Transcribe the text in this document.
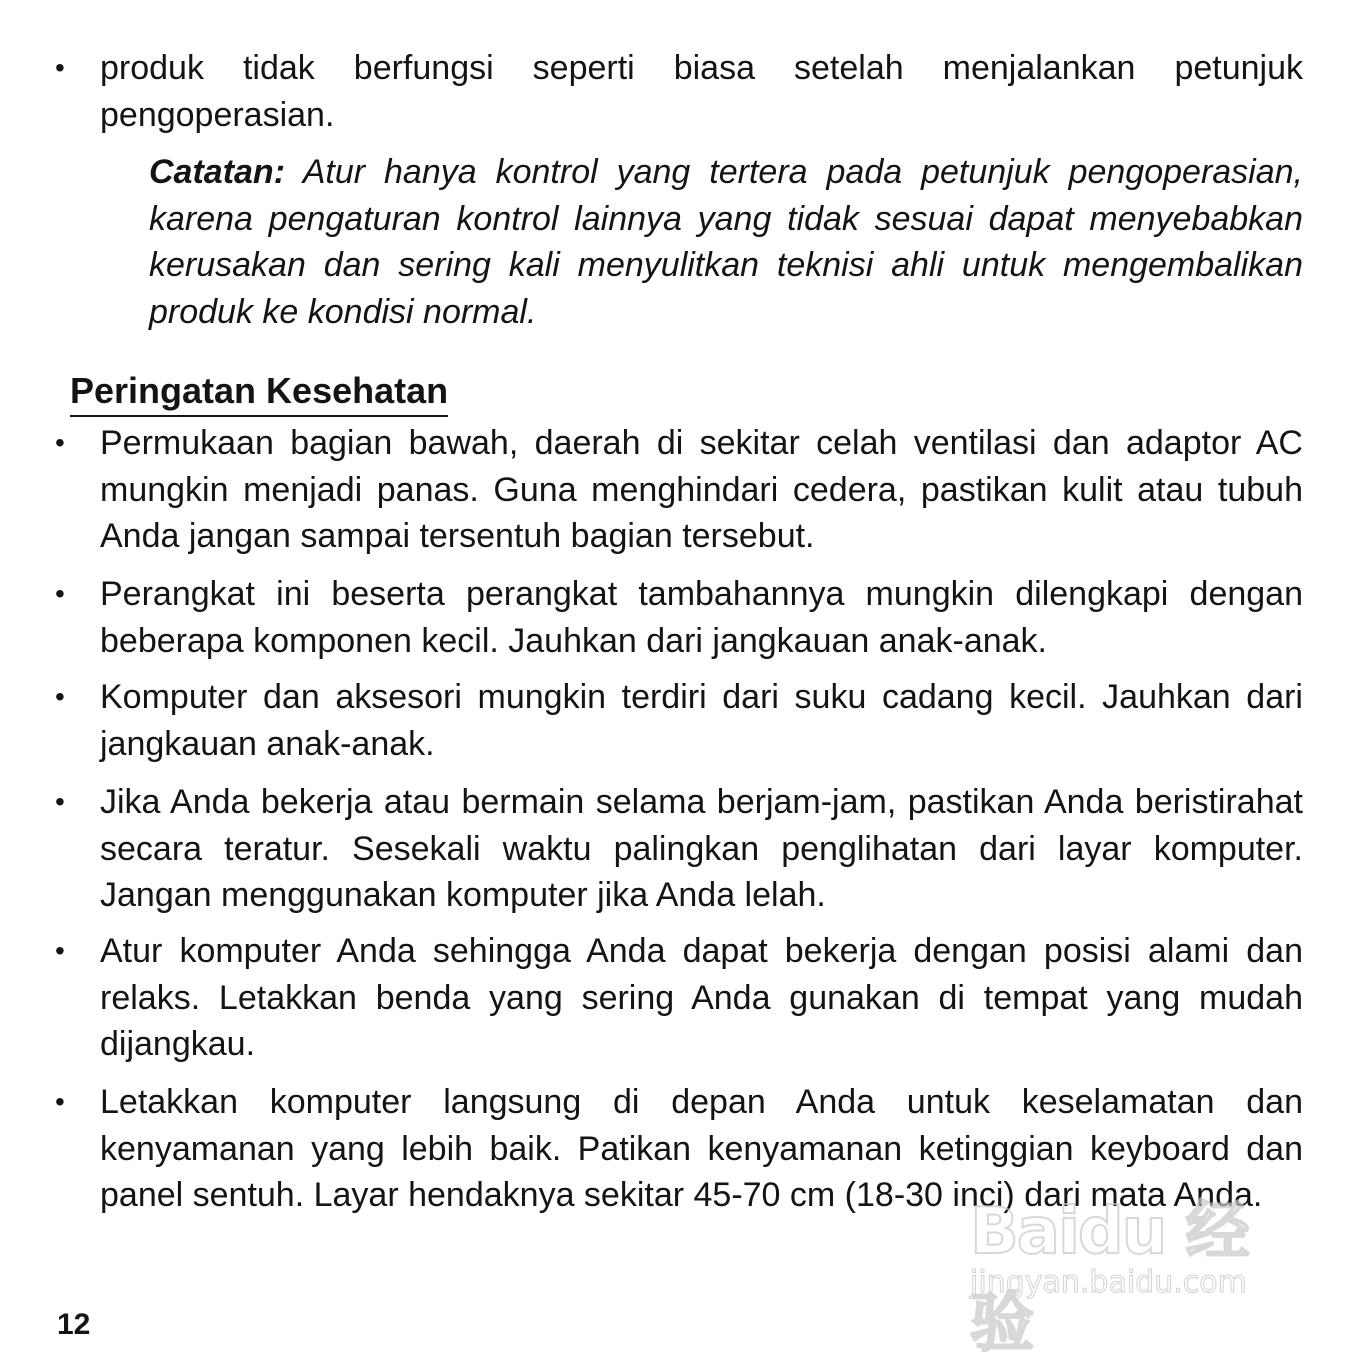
• produk tidak berfungsi seperti biasa setelah menjalankan petunjuk pengoperasian.
Catatan: Atur hanya kontrol yang tertera pada petunjuk pengoperasian, karena pengaturan kontrol lainnya yang tidak sesuai dapat menyebabkan kerusakan dan sering kali menyulitkan teknisi ahli untuk mengembalikan produk ke kondisi normal.
Peringatan Kesehatan
• Permukaan bagian bawah, daerah di sekitar celah ventilasi dan adaptor AC mungkin menjadi panas. Guna menghindari cedera, pastikan kulit atau tubuh Anda jangan sampai tersentuh bagian tersebut.
• Perangkat ini beserta perangkat tambahannya mungkin dilengkapi dengan beberapa komponen kecil. Jauhkan dari jangkauan anak-anak.
• Komputer dan aksesori mungkin terdiri dari suku cadang kecil. Jauhkan dari jangkauan anak-anak.
• Jika Anda bekerja atau bermain selama berjam-jam, pastikan Anda beristirahat secara teratur. Sesekali waktu palingkan penglihatan dari layar komputer. Jangan menggunakan komputer jika Anda lelah.
• Atur komputer Anda sehingga Anda dapat bekerja dengan posisi alami dan relaks. Letakkan benda yang sering Anda gunakan di tempat yang mudah dijangkau.
• Letakkan komputer langsung di depan Anda untuk keselamatan dan kenyamanan yang lebih baik. Patikan kenyamanan ketinggian keyboard dan panel sentuh. Layar hendaknya sekitar 45-70 cm (18-30 inci) dari mata Anda.
12
Baidu 经验
jingyan.baidu.com
